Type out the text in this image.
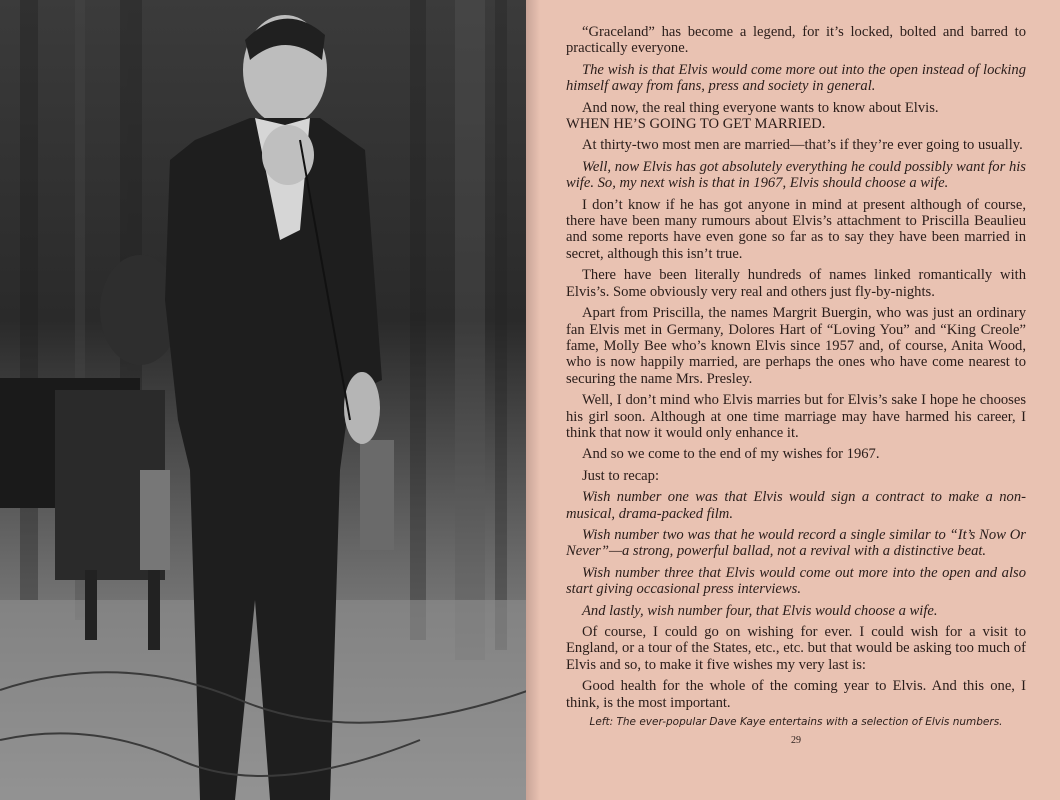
“Graceland” has become a legend, for it’s locked, bolted and barred to practically everyone.

The wish is that Elvis would come more out into the open instead of locking himself away from fans, press and society in general.

And now, the real thing everyone wants to know about Elvis.

WHEN HE’S GOING TO GET MARRIED.

At thirty-two most men are married—that’s if they’re ever going to usually.

Well, now Elvis has got absolutely everything he could possibly want for his wife. So, my next wish is that in 1967, Elvis should choose a wife.

I don’t know if he has got anyone in mind at present although of course, there have been many rumours about Elvis’s attachment to Priscilla Beaulieu and some reports have even gone so far as to say they have been married in secret, although this isn’t true.

There have been literally hundreds of names linked romantically with Elvis’s. Some obviously very real and others just fly-by-nights.

Apart from Priscilla, the names Margrit Buergin, who was just an ordinary fan Elvis met in Germany, Dolores Hart of “Loving You” and “King Creole” fame, Molly Bee who’s known Elvis since 1957 and, of course, Anita Wood, who is now happily married, are perhaps the ones who have come nearest to securing the name Mrs. Presley.

Well, I don’t mind who Elvis marries but for Elvis’s sake I hope he chooses his girl soon. Although at one time marriage may have harmed his career, I think that now it would only enhance it.

And so we come to the end of my wishes for 1967.

Just to recap:

Wish number one was that Elvis would sign a contract to make a non-musical, drama-packed film.

Wish number two was that he would record a single similar to “It’s Now Or Never”—a strong, powerful ballad, not a revival with a distinctive beat.

Wish number three that Elvis would come out more into the open and also start giving occasional press interviews.

And lastly, wish number four, that Elvis would choose a wife.

Of course, I could go on wishing for ever. I could wish for a visit to England, or a tour of the States, etc., etc. but that would be asking too much of Elvis and so, to make it five wishes my very last is:

Good health for the whole of the coming year to Elvis. And this one, I think, is the most important.

Left: The ever-popular Dave Kaye entertains with a selection of Elvis numbers.
29
